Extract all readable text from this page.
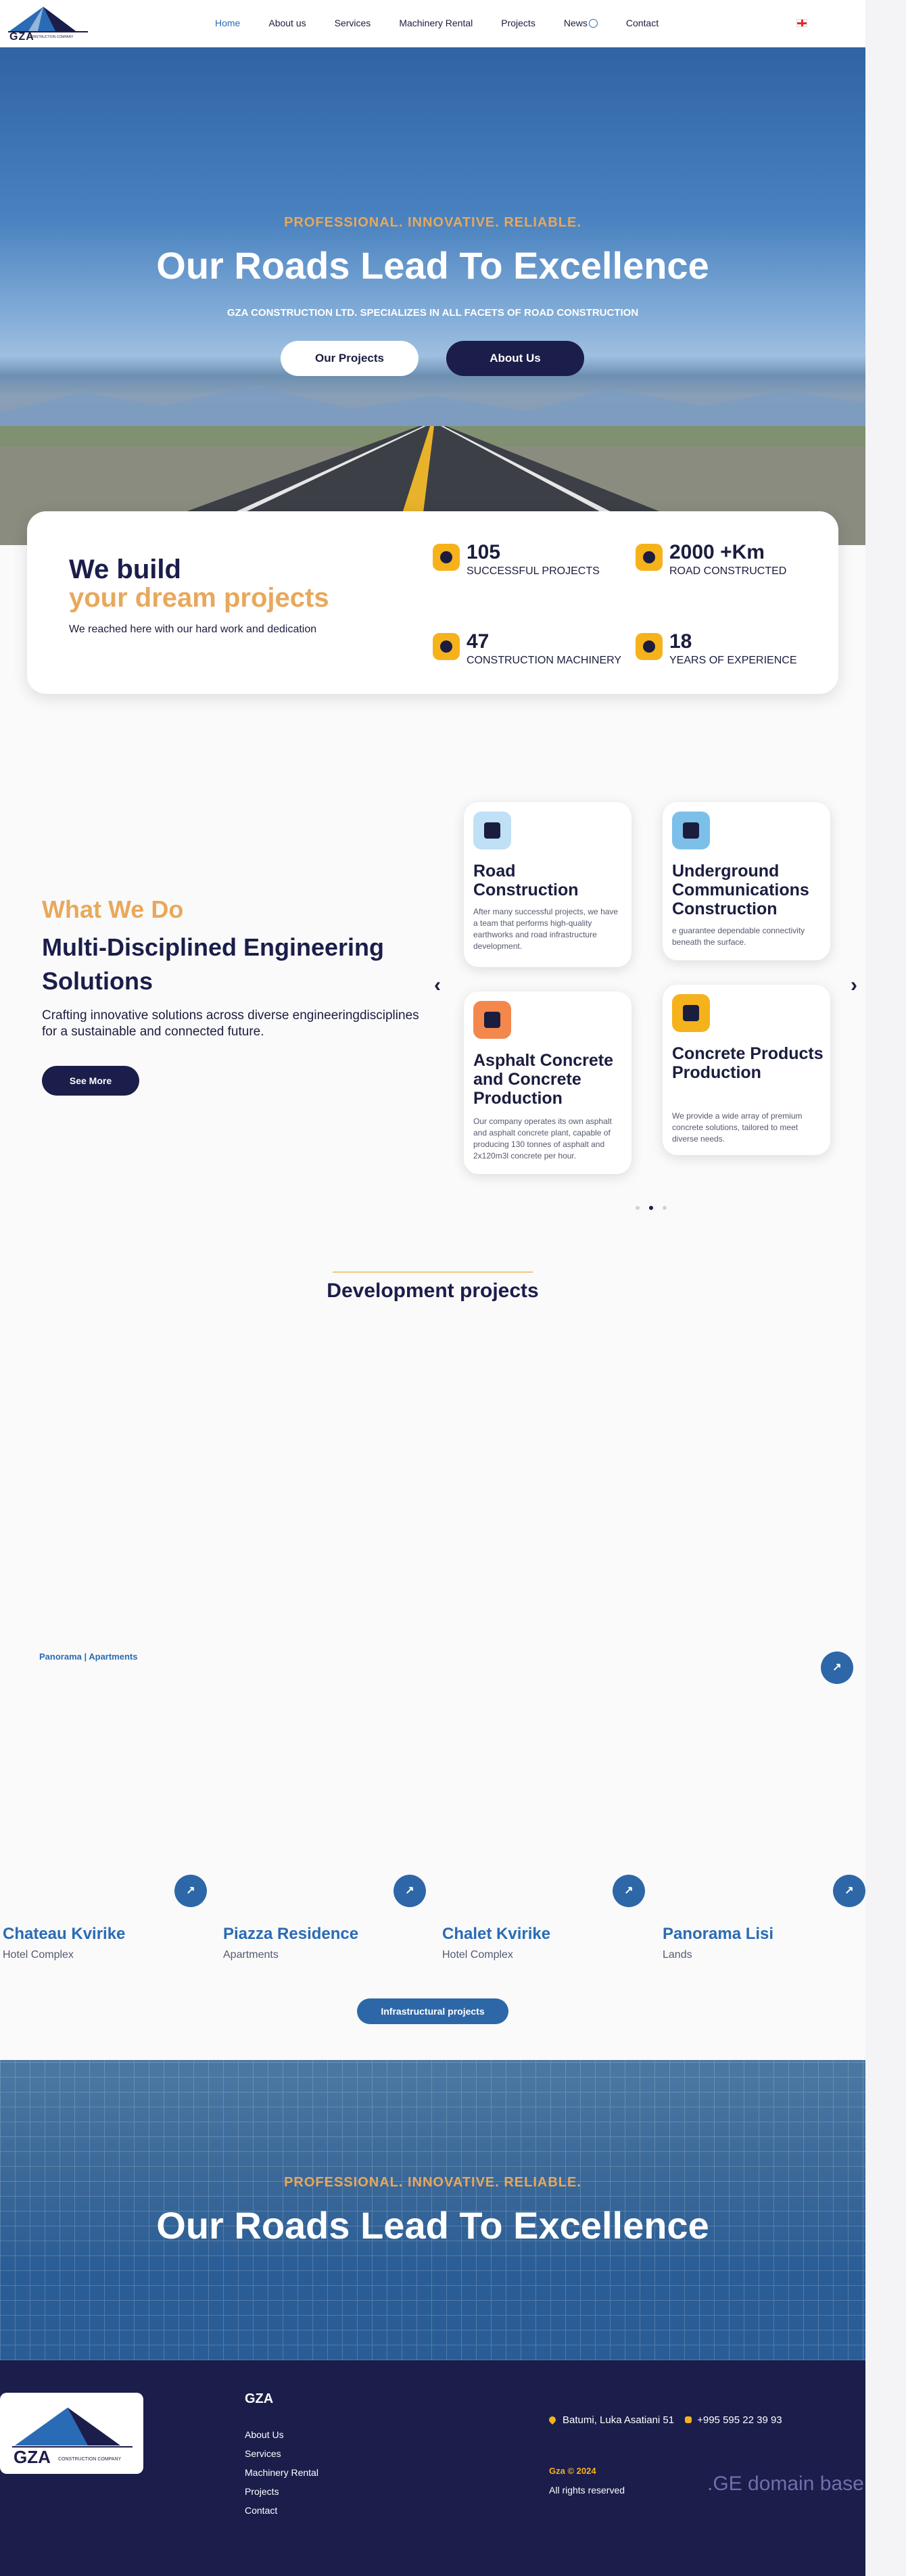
GZA
CONSTRUCTION COMPANY
Home	About us	Services	Machinery Rental	Projects	News	Contact
PROFESSIONAL. INNOVATIVE. RELIABLE.
Our Roads Lead To Excellence
GZA CONSTRUCTION LTD. SPECIALIZES IN ALL FACETS OF ROAD CONSTRUCTION
Our Projects	About Us
We build
your dream projects
We reached here with our hard work and dedication
105
SUCCESSFUL PROJECTS
2000 +Km
ROAD CONSTRUCTED
47
CONSTRUCTION MACHINERY
18
YEARS OF EXPERIENCE
What We Do
Multi-Disciplined Engineering Solutions

Crafting innovative solutions across diverse engineeringdisciplines for a sustainable and connected future.

See More
‹	›
Road Construction
After many successful projects, we have a team that performs high-quality earthworks and road infrastructure development.
Underground Communications Construction
e guarantee dependable connectivity beneath the surface.
Asphalt Concrete and Concrete Production
Our company operates its own asphalt and asphalt concrete plant, capable of producing 130 tonnes of asphalt and 2x120m3l concrete per hour.
Concrete Products Production
We provide a wide array of premium concrete solutions, tailored to meet diverse needs.
Development projects
Panorama | Apartments
↗
↗	↗	↗	↗
Chateau Kvirike
Hotel Complex
Piazza Residence
Apartments
Chalet Kvirike
Hotel Complex
Panorama Lisi
Lands
Infrastructural projects
PROFESSIONAL. INNOVATIVE. RELIABLE.
Our Roads Lead To Excellence
GZA CONSTRUCTION COMPANY
GZA
About Us
Services
Machinery Rental
Projects
Contact
Batumi, Luka Asatiani 51 +995 595 22 39 93
Gza © 2024
All rights reserved	.GE domain base
